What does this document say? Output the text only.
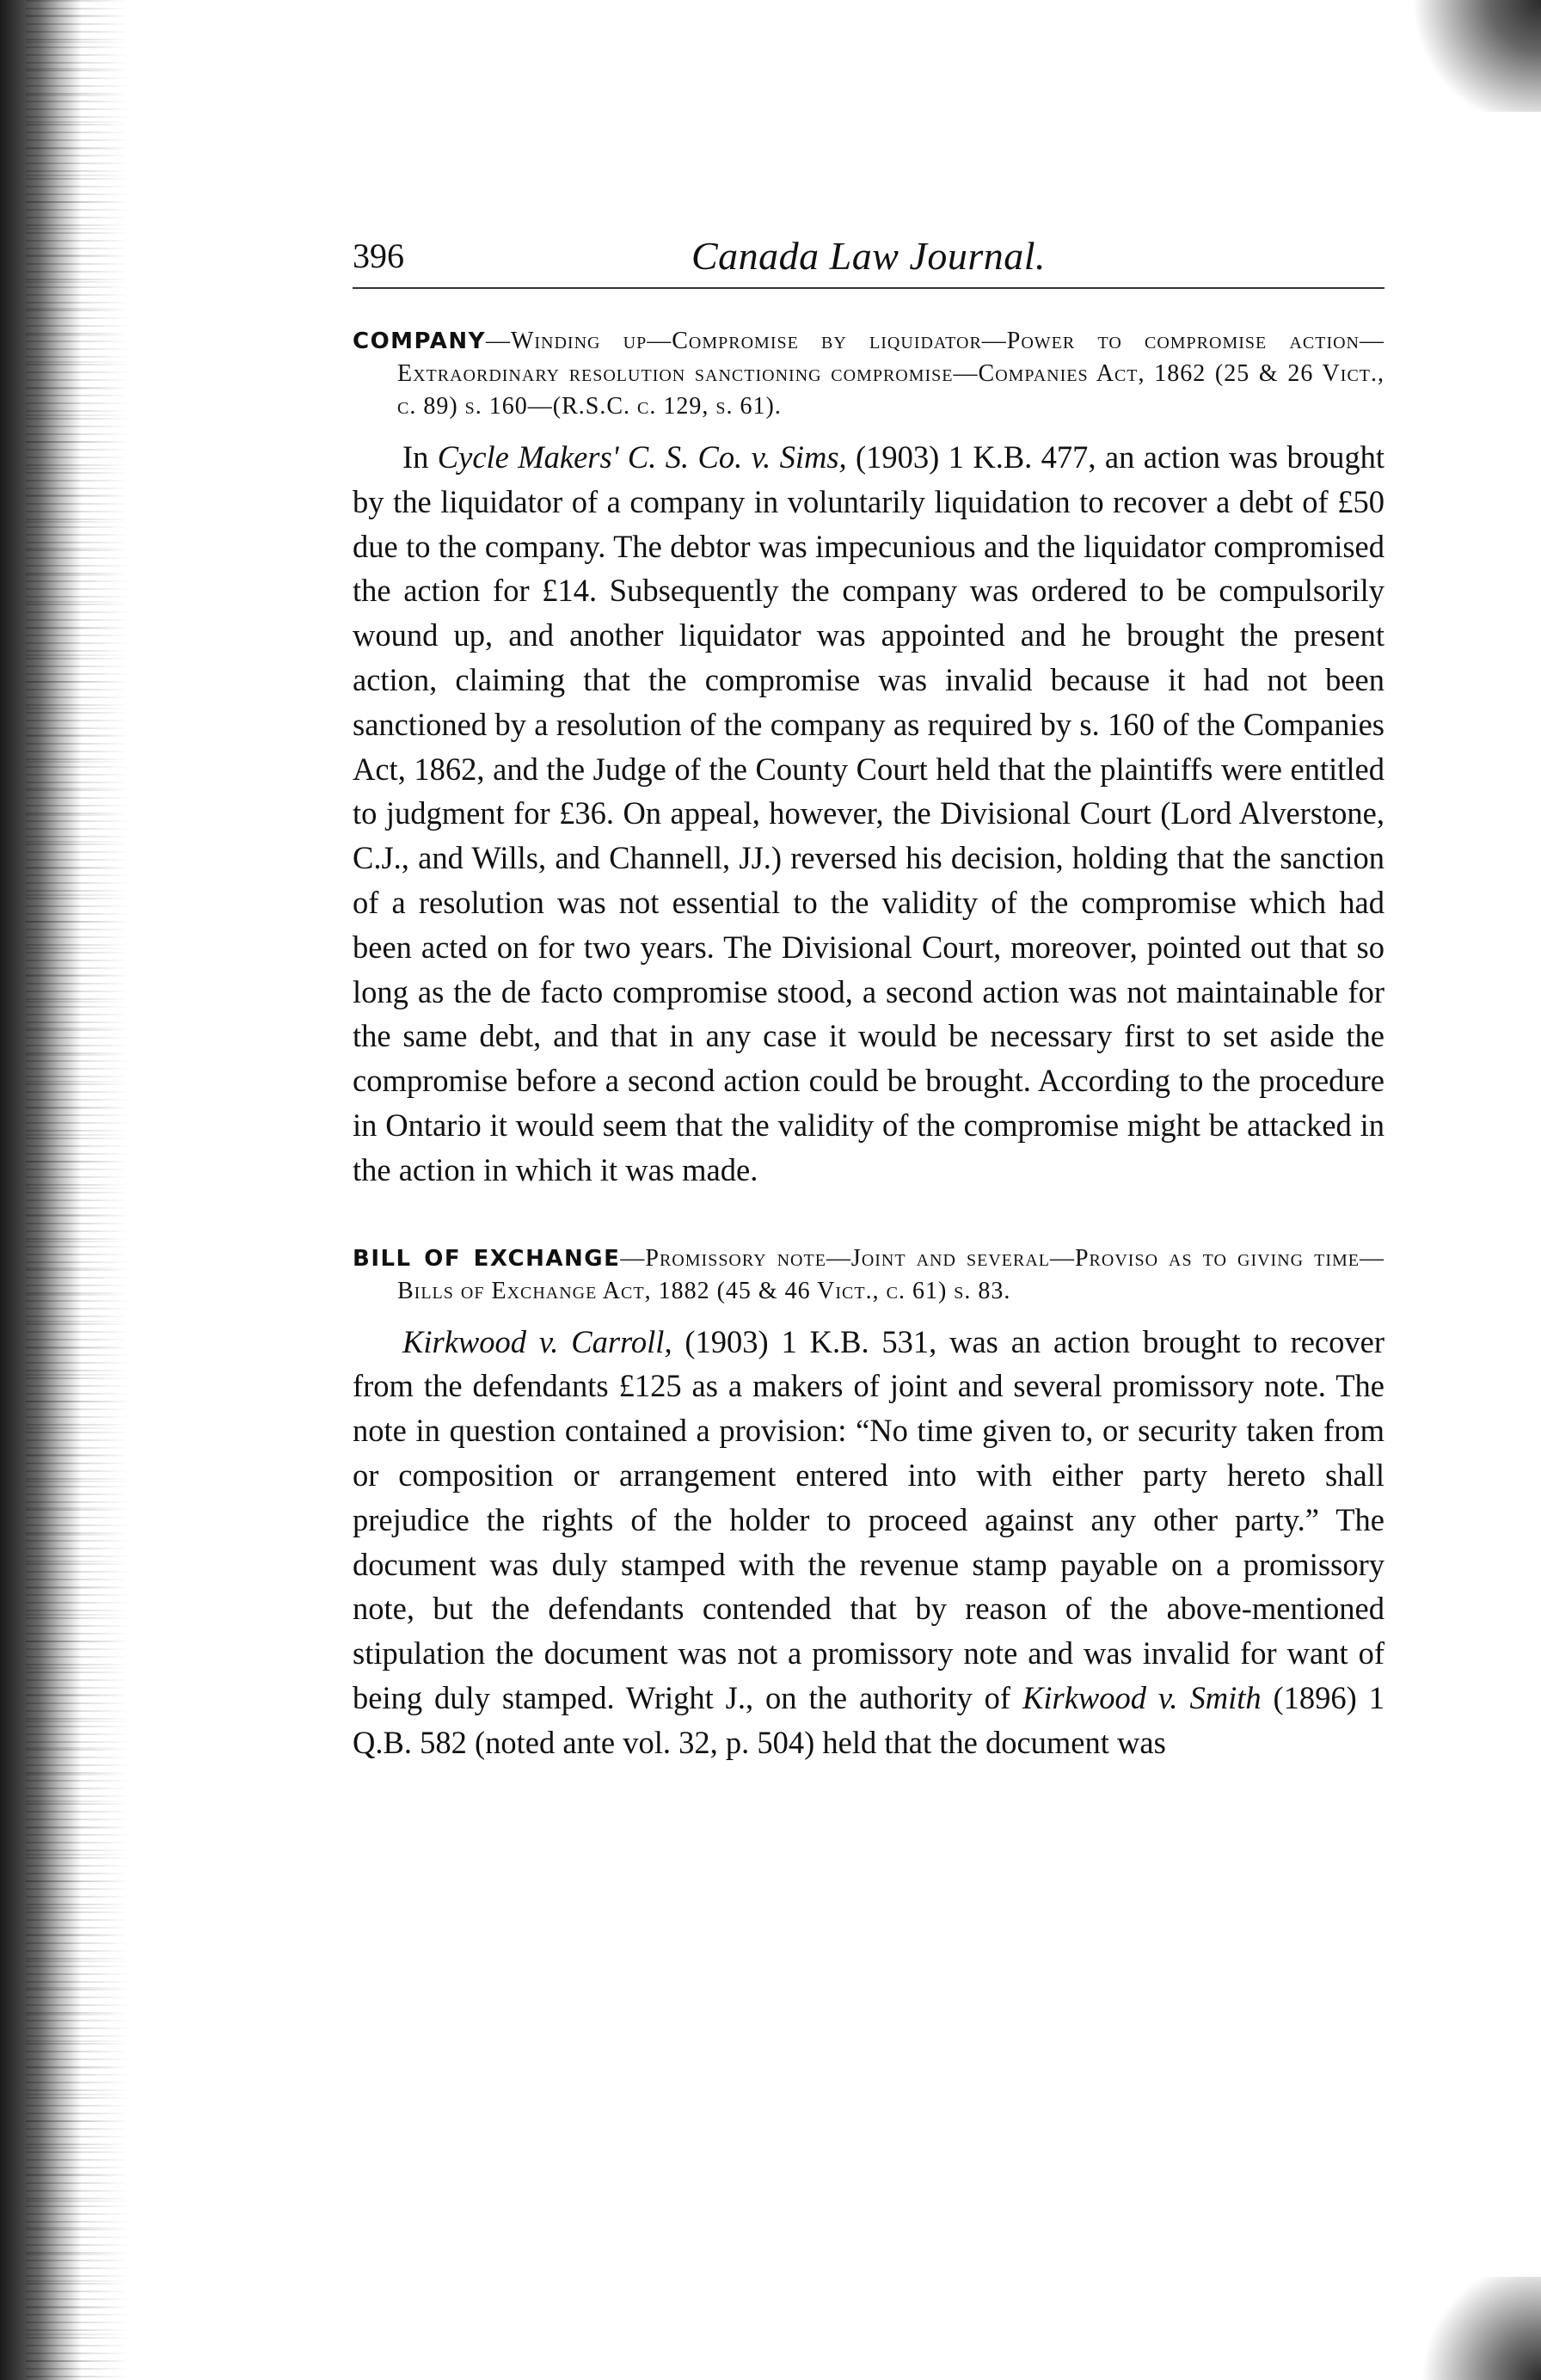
396	Canada Law Journal.

COMPANY—Winding up—Compromise by liquidator—Power to compromise action—Extraordinary resolution sanctioning compromise—Companies Act, 1862 (25 & 26 Vict., c. 89) s. 160—(R.S.C. c. 129, s. 61).

In Cycle Makers' C. S. Co. v. Sims, (1903) 1 K.B. 477, an action was brought by the liquidator of a company in voluntarily liquidation to recover a debt of £50 due to the company. The debtor was impecunious and the liquidator compromised the action for £14. Subsequently the company was ordered to be compulsorily wound up, and another liquidator was appointed and he brought the present action, claiming that the compromise was invalid because it had not been sanctioned by a resolution of the company as required by s. 160 of the Companies Act, 1862, and the Judge of the County Court held that the plaintiffs were entitled to judgment for £36. On appeal, however, the Divisional Court (Lord Alverstone, C.J., and Wills, and Channell, JJ.) reversed his decision, holding that the sanction of a resolution was not essential to the validity of the compromise which had been acted on for two years. The Divisional Court, moreover, pointed out that so long as the de facto compromise stood, a second action was not maintainable for the same debt, and that in any case it would be necessary first to set aside the compromise before a second action could be brought. According to the procedure in Ontario it would seem that the validity of the compromise might be attacked in the action in which it was made.

BILL OF EXCHANGE—Promissory note—Joint and several—Proviso as to giving time—Bills of Exchange Act, 1882 (45 & 46 Vict., c. 61) s. 83.

Kirkwood v. Carroll, (1903) 1 K.B. 531, was an action brought to recover from the defendants £125 as a makers of joint and several promissory note. The note in question contained a provision: “No time given to, or security taken from or composition or arrangement entered into with either party hereto shall prejudice the rights of the holder to proceed against any other party.” The document was duly stamped with the revenue stamp payable on a promissory note, but the defendants contended that by reason of the above-mentioned stipulation the document was not a promissory note and was invalid for want of being duly stamped. Wright J., on the authority of Kirkwood v. Smith (1896) 1 Q.B. 582 (noted ante vol. 32, p. 504) held that the document was
